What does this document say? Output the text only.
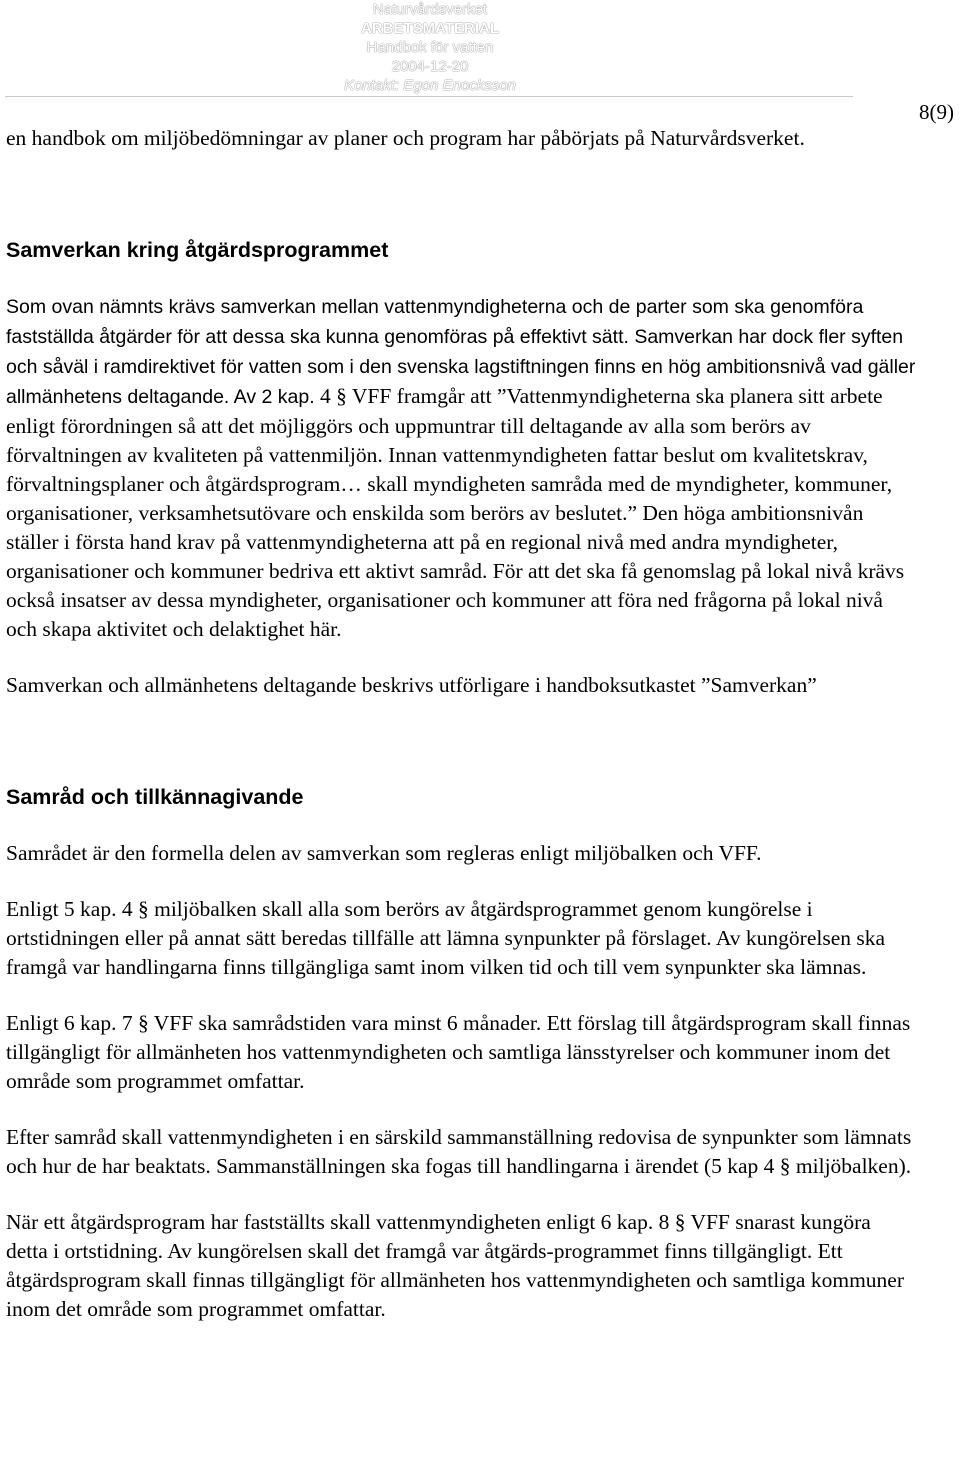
Naturvårdsverket
ARBETSMATERIAL
Handbok för vatten
2004-12-20
Kontakt: Egon Enocksson
8(9)

en handbok om miljöbedömningar av planer och program har påbörjats på Naturvårdsverket.

Samverkan kring åtgärdsprogrammet

Som ovan nämnts krävs samverkan mellan vattenmyndigheterna och de parter som ska genomföra fastställda åtgärder för att dessa ska kunna genomföras på effektivt sätt. Samverkan har dock fler syften och såväl i ramdirektivet för vatten som i den svenska lagstiftningen finns en hög ambitionsnivå vad gäller allmänhetens deltagande. Av 2 kap. 4 § VFF framgår att ”Vattenmyndigheterna ska planera sitt arbete enligt förordningen så att det möjliggörs och uppmuntrar till deltagande av alla som berörs av förvaltningen av kvaliteten på vattenmiljön. Innan vattenmyndigheten fattar beslut om kvalitetskrav, förvaltningsplaner och åtgärdsprogram… skall myndigheten samråda med de myndigheter, kommuner, organisationer, verksamhetsutövare och enskilda som berörs av beslutet.” Den höga ambitionsnivån ställer i första hand krav på vattenmyndigheterna att på en regional nivå med andra myndigheter, organisationer och kommuner bedriva ett aktivt samråd. För att det ska få genomslag på lokal nivå krävs också insatser av dessa myndigheter, organisationer och kommuner att föra ned frågorna på lokal nivå och skapa aktivitet och delaktighet här.

Samverkan och allmänhetens deltagande beskrivs utförligare i handboksutkastet ”Samverkan”

Samråd och tillkännagivande

Samrådet är den formella delen av samverkan som regleras enligt miljöbalken och VFF.

Enligt 5 kap. 4 § miljöbalken skall alla som berörs av åtgärdsprogrammet genom kungörelse i ortstidningen eller på annat sätt beredas tillfälle att lämna synpunkter på förslaget. Av kungörelsen ska framgå var handlingarna finns tillgängliga samt inom vilken tid och till vem synpunkter ska lämnas.

Enligt 6 kap. 7 § VFF ska samrådstiden vara minst 6 månader. Ett förslag till åtgärdsprogram skall finnas tillgängligt för allmänheten hos vattenmyndigheten och samtliga länsstyrelser och kommuner inom det område som programmet omfattar.

Efter samråd skall vattenmyndigheten i en särskild sammanställning redovisa de synpunkter som lämnats och hur de har beaktats. Sammanställningen ska fogas till handlingarna i ärendet (5 kap 4 § miljöbalken).

När ett åtgärdsprogram har fastställts skall vattenmyndigheten enligt 6 kap. 8 § VFF snarast kungöra detta i ortstidning. Av kungörelsen skall det framgå var åtgärds-programmet finns tillgängligt. Ett åtgärdsprogram skall finnas tillgängligt för allmänheten hos vattenmyndigheten och samtliga kommuner inom det område som programmet omfattar.
